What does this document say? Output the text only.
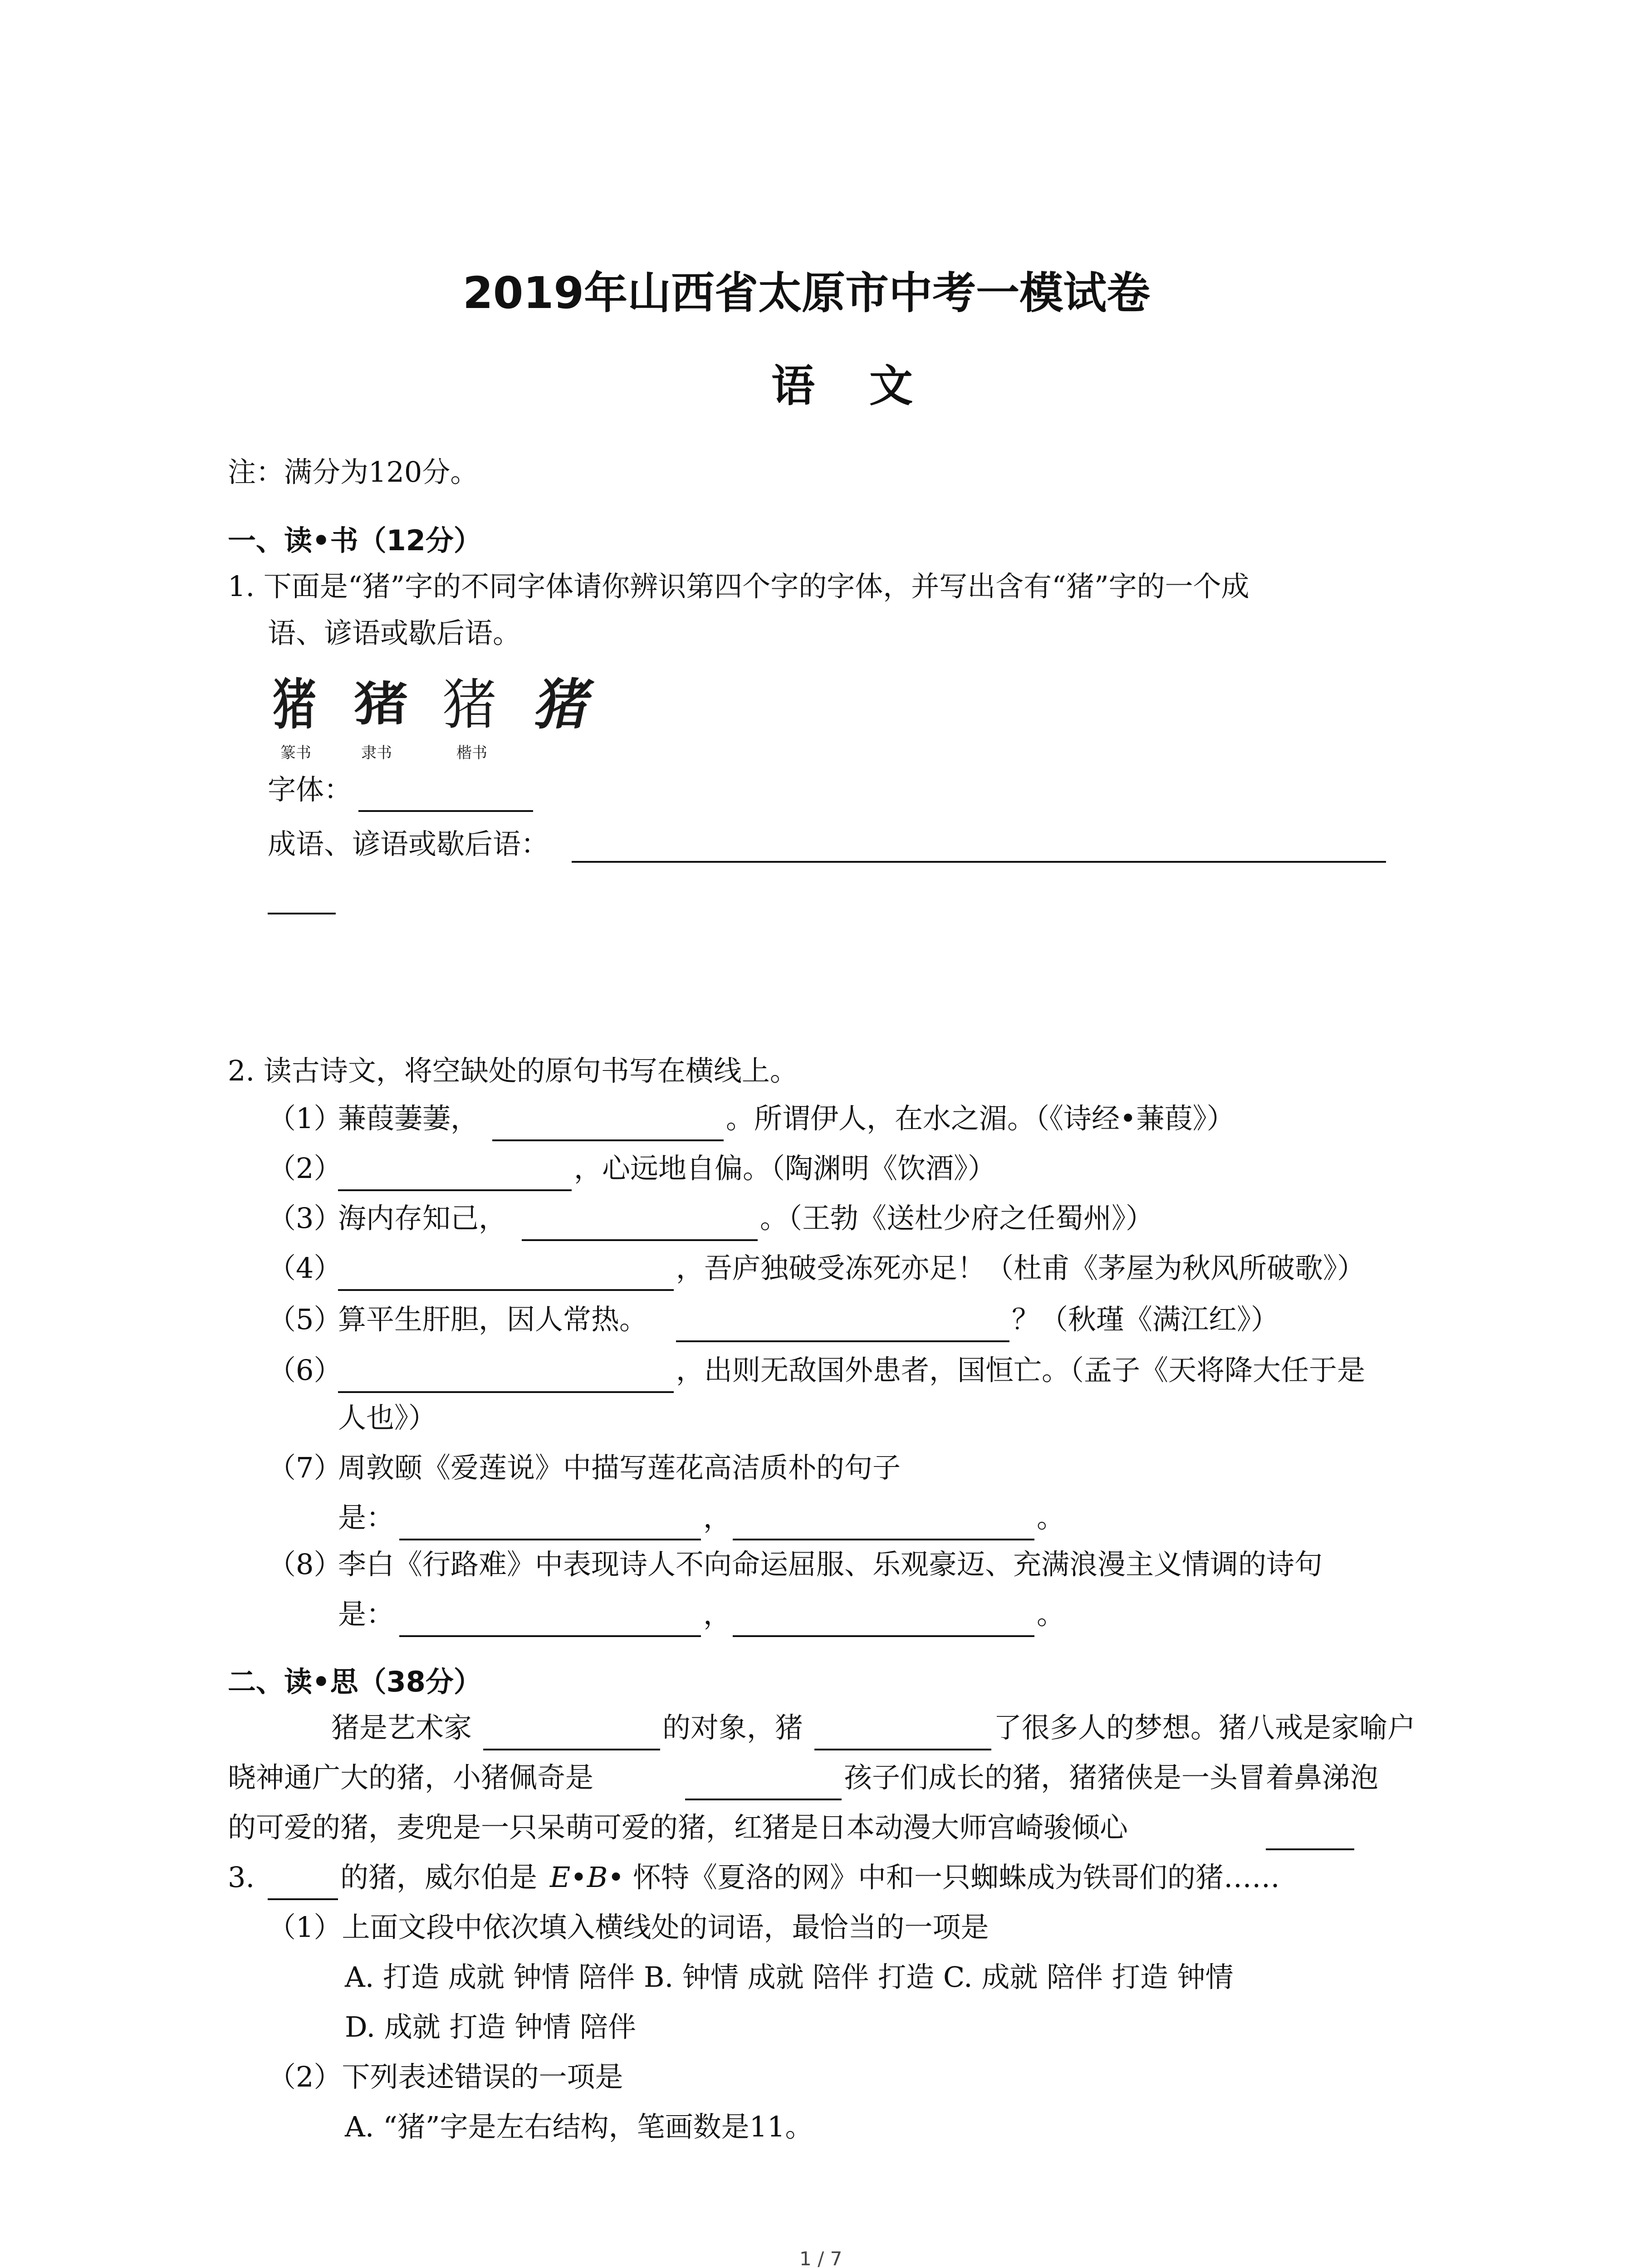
2019年山西省太原市中考一模试卷
语文
注：满分为120分。
一、读•书（12分）
1. 下面是“猪”字的不同字体请你辨识第四个字的字体，并写出含有“猪”字的一个成
语、谚语或歇后语。
猪 猪 猪 猪
篆书	隶书	楷书
字体：
成语、谚语或歇后语：
2. 读古诗文，将空缺处的原句书写在横线上。
（1）
蒹葭萋萋，	。所谓伊人，在水之湄。（《诗经•蒹葭》）
（2）	，心远地自偏。（陶渊明《饮酒》）
（3）
海内存知己，	。（王勃《送杜少府之任蜀州》）
（4）	，吾庐独破受冻死亦足！（杜甫《茅屋为秋风所破歌》）
（5）
算平生肝胆，因人常热。	？（秋瑾《满江红》）
（6）	，出则无敌国外患者，国恒亡。（孟子《天将降大任于是
人也》）
（7）
周敦颐《爱莲说》中描写莲花高洁质朴的句子
是：	，	。
（8）
李白《行路难》中表现诗人不向命运屈服、乐观豪迈、充满浪漫主义情调的诗句
是：	，	。
二、读•思（38分）
猪是艺术家	的对象，猪	了很多人的梦想。猪八戒是家喻户
晓神通广大的猪，小猪佩奇是	孩子们成长的猪，猪猪侠是一头冒着鼻涕泡
的可爱的猪，麦兜是一只呆萌可爱的猪，红猪是日本动漫大师宫崎骏倾心
3.	的猪，威尔伯是 E•B• 怀特《夏洛的网》中和一只蜘蛛成为铁哥们的猪……
（1）上面文段中依次填入横线处的词语，最恰当的一项是
A. 打造 成就 钟情 陪伴 B. 钟情 成就 陪伴 打造 C. 成就 陪伴 打造 钟情
D. 成就 打造 钟情 陪伴
（2）下列表述错误的一项是
A. “猪”字是左右结构，笔画数是11。
1 / 7
